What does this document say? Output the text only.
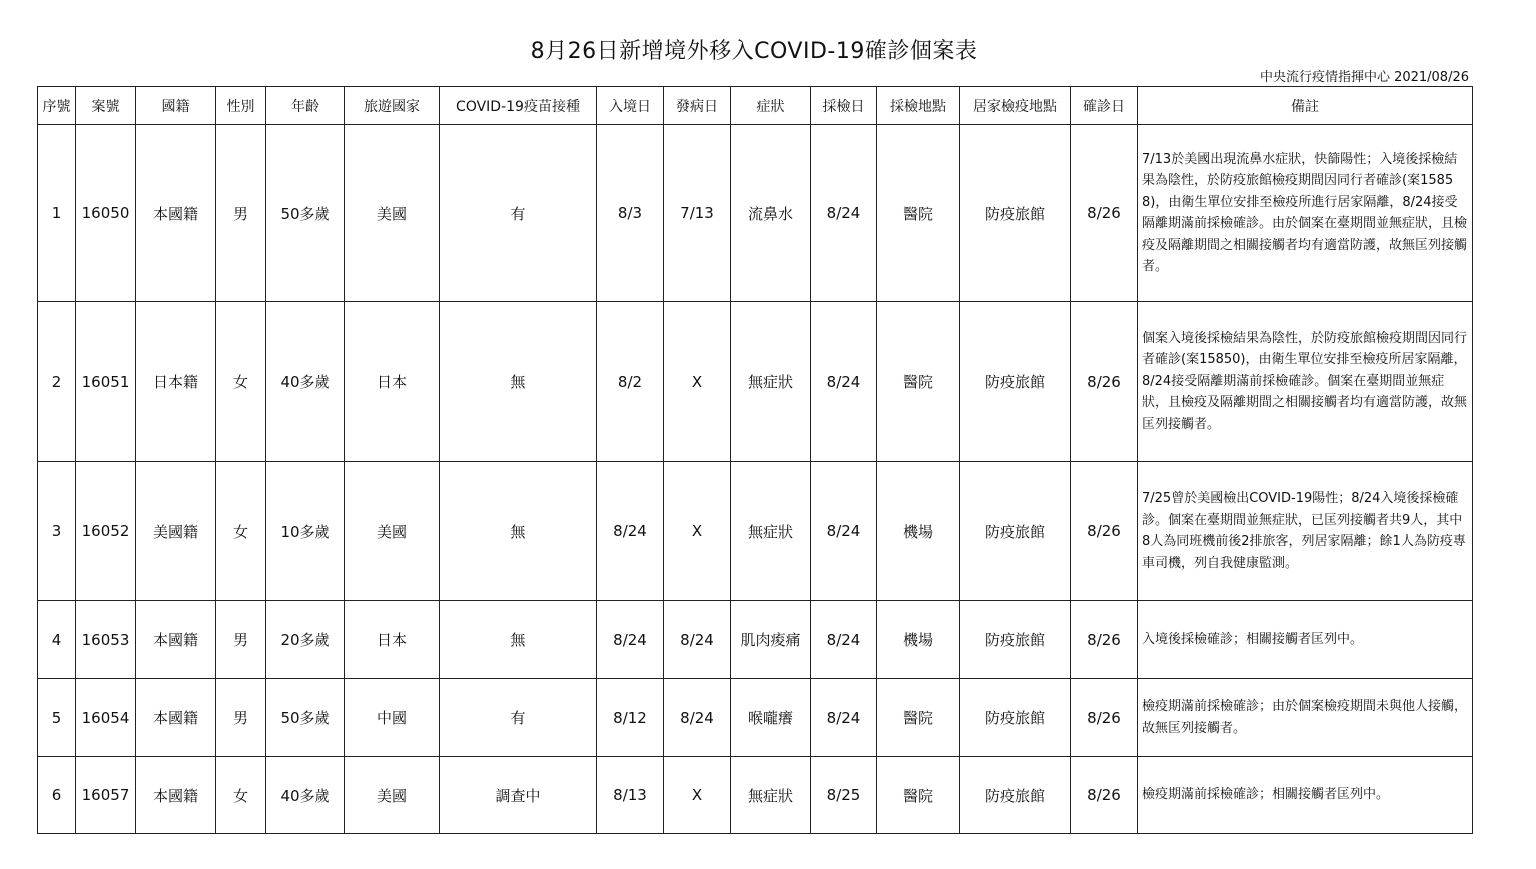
8月26日新增境外移入COVID-19確診個案表
中央流行疫情指揮中心 2021/08/26
序號	案號	國籍	性別	年齡	旅遊國家	COVID-19疫苗接種	入境日	發病日	症狀	採檢日	採檢地點	居家檢疫地點	確診日	備註
1	16050	本國籍	男	50多歲	美國	有	8/3	7/13	流鼻水	8/24	醫院	防疫旅館	8/26	7/13於美國出現流鼻水症狀，快篩陽性；入境後採檢結果為陰性，於防疫旅館檢疫期間因同行者確診(案15858)，由衛生單位安排至檢疫所進行居家隔離，8/24接受隔離期滿前採檢確診。由於個案在臺期間並無症狀，且檢疫及隔離期間之相關接觸者均有適當防護，故無匡列接觸者。
2	16051	日本籍	女	40多歲	日本	無	8/2	X	無症狀	8/24	醫院	防疫旅館	8/26	個案入境後採檢結果為陰性，於防疫旅館檢疫期間因同行者確診(案15850)，由衛生單位安排至檢疫所居家隔離，8/24接受隔離期滿前採檢確診。個案在臺期間並無症狀，且檢疫及隔離期間之相關接觸者均有適當防護，故無匡列接觸者。
3	16052	美國籍	女	10多歲	美國	無	8/24	X	無症狀	8/24	機場	防疫旅館	8/26	7/25曾於美國檢出COVID-19陽性；8/24入境後採檢確診。個案在臺期間並無症狀，已匡列接觸者共9人，其中8人為同班機前後2排旅客，列居家隔離；餘1人為防疫專車司機，列自我健康監測。
4	16053	本國籍	男	20多歲	日本	無	8/24	8/24	肌肉痠痛	8/24	機場	防疫旅館	8/26	入境後採檢確診；相關接觸者匡列中。
5	16054	本國籍	男	50多歲	中國	有	8/12	8/24	喉嚨癢	8/24	醫院	防疫旅館	8/26	檢疫期滿前採檢確診；由於個案檢疫期間未與他人接觸，故無匡列接觸者。
6	16057	本國籍	女	40多歲	美國	調查中	8/13	X	無症狀	8/25	醫院	防疫旅館	8/26	檢疫期滿前採檢確診；相關接觸者匡列中。
